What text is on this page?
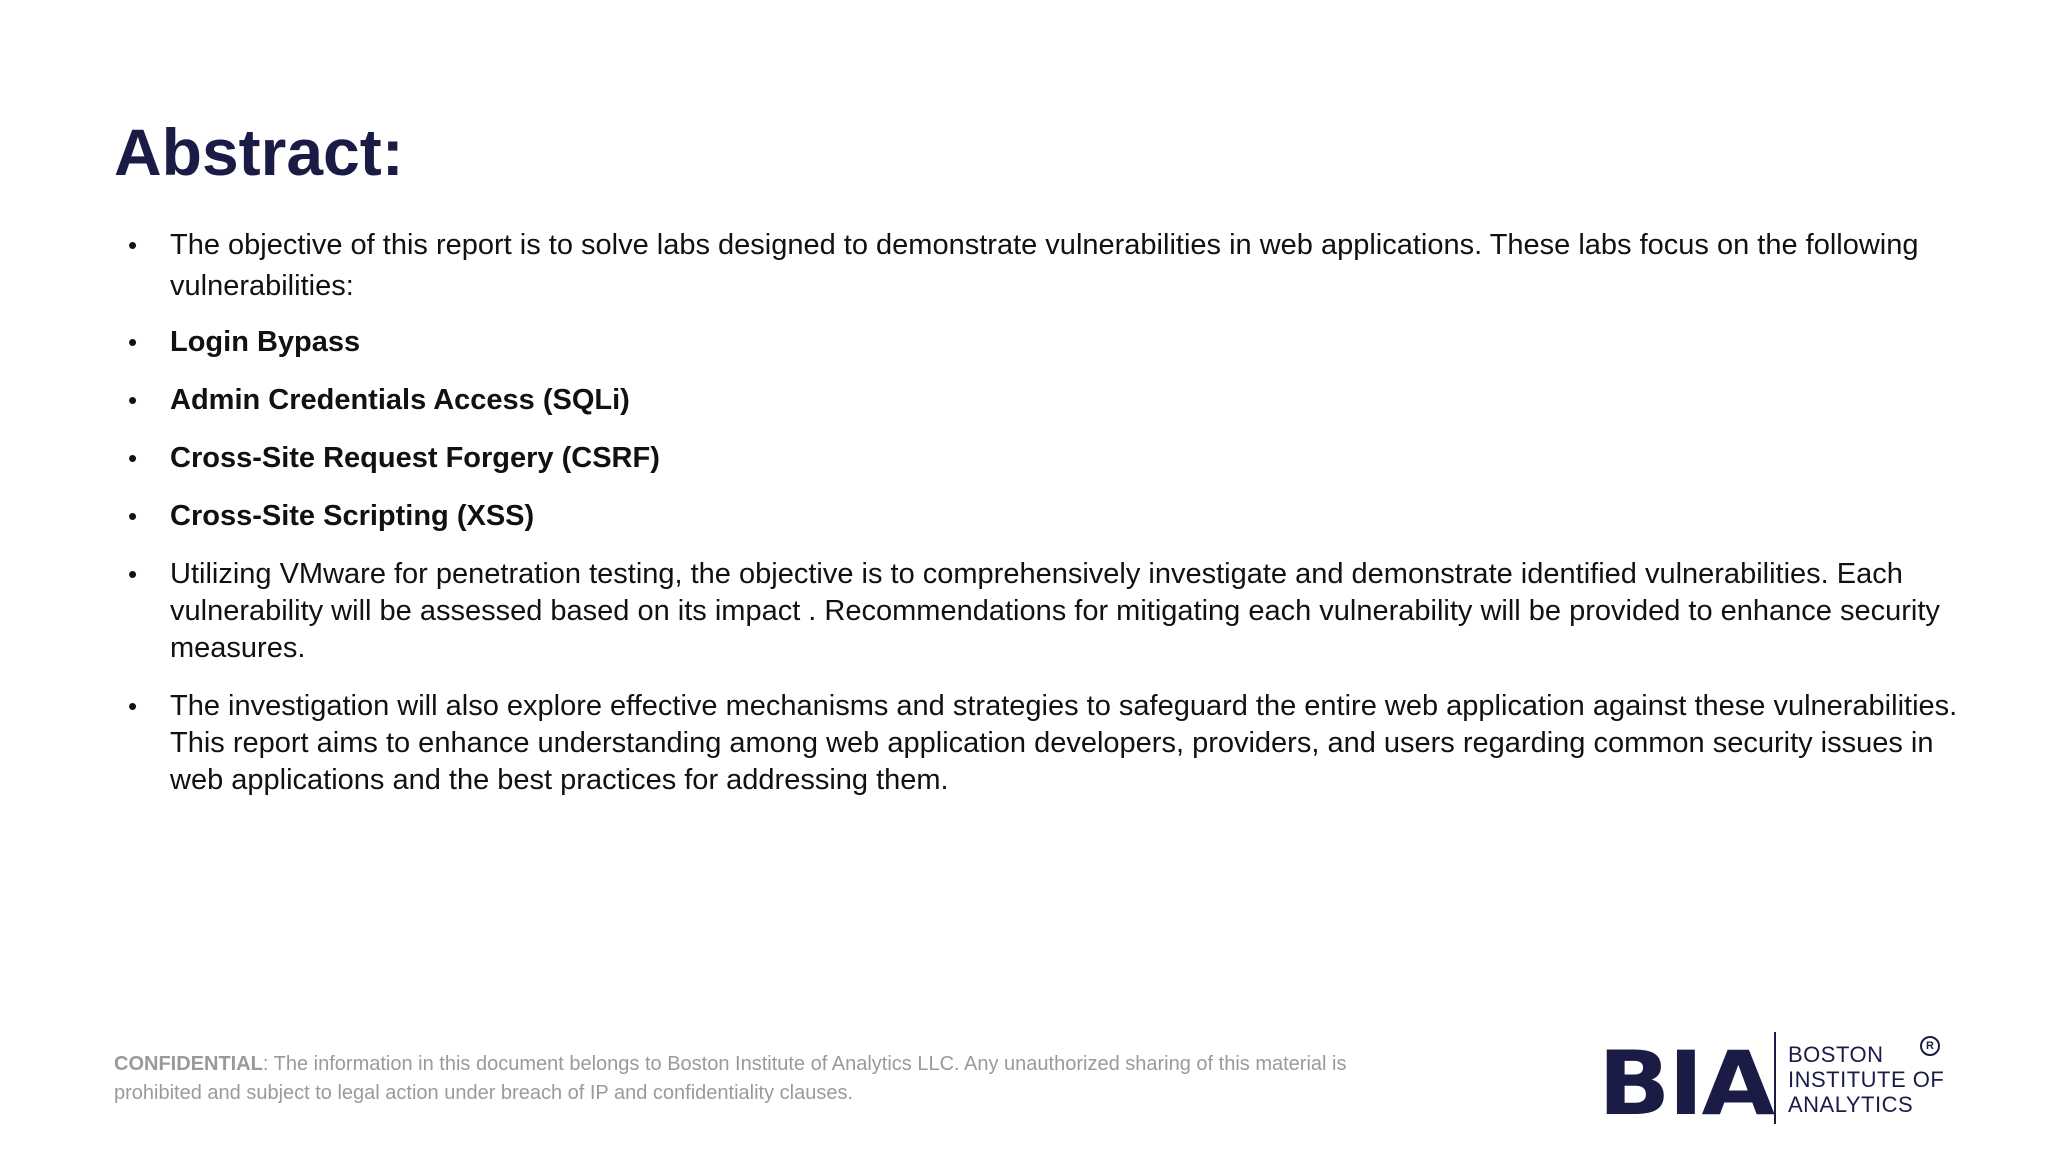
Abstract:
•	The objective of this report is to solve labs designed to demonstrate vulnerabilities in web applications. These labs focus on the following vulnerabilities:
•	Login Bypass
•	Admin Credentials Access (SQLi)
•	Cross-Site Request Forgery (CSRF)
•	Cross-Site Scripting (XSS)
•	Utilizing VMware for penetration testing, the objective is to comprehensively investigate and demonstrate identified vulnerabilities. Each vulnerability will be assessed based on its impact . Recommendations for mitigating each vulnerability will be provided to enhance security measures.
•	The investigation will also explore effective mechanisms and strategies to safeguard the entire web application against these vulnerabilities. This report aims to enhance understanding among web application developers, providers, and users regarding common security issues in web applications and the best practices for addressing them.
CONFIDENTIAL: The information in this document belongs to Boston Institute of Analytics LLC. Any unauthorized sharing of this material is prohibited and subject to legal action under breach of IP and confidentiality clauses.	BIA BOSTON
INSTITUTE OF
ANALYTICS
R
